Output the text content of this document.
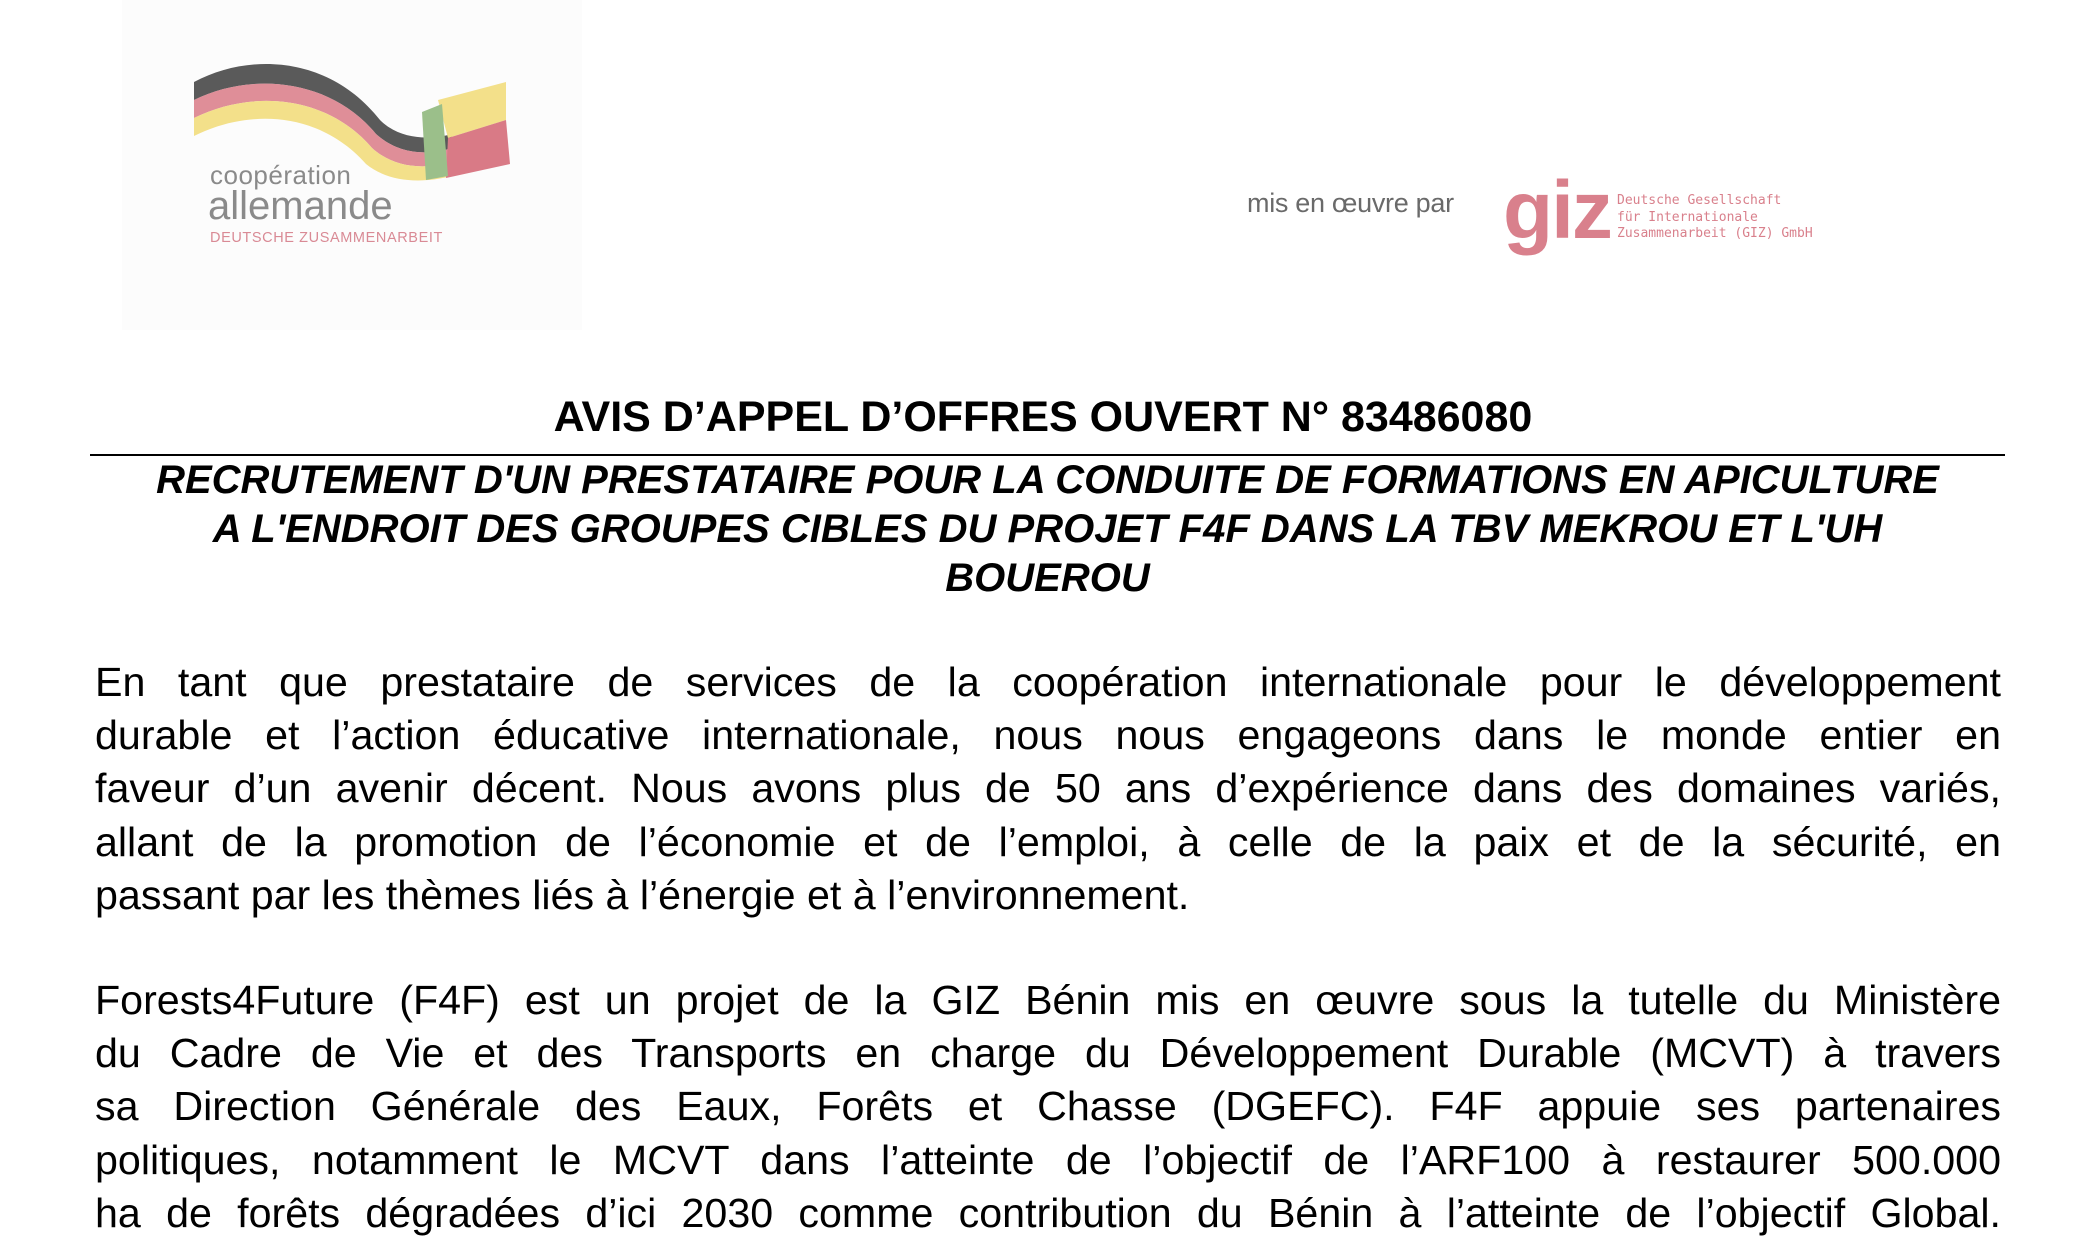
coopération
allemande
DEUTSCHE ZUSAMMENARBEIT
mis en œuvre par giz Deutsche Gesellschaft
für Internationale
Zusammenarbeit (GIZ) GmbH
AVIS D’APPEL D’OFFRES OUVERT N° 83486080
RECRUTEMENT D'UN PRESTATAIRE POUR LA CONDUITE DE FORMATIONS EN APICULTURE
A L'ENDROIT DES GROUPES CIBLES DU PROJET F4F DANS LA TBV MEKROU ET L'UH
BOUEROU
En tant que prestataire de services de la coopération internationale pour le développement
durable et l’action éducative internationale, nous nous engageons dans le monde entier en
faveur d’un avenir décent. Nous avons plus de 50 ans d’expérience dans des domaines variés,
allant de la promotion de l’économie et de l’emploi, à celle de la paix et de la sécurité, en
passant par les thèmes liés à l’énergie et à l’environnement.
Forests4Future (F4F) est un projet de la GIZ Bénin mis en œuvre sous la tutelle du Ministère
du Cadre de Vie et des Transports en charge du Développement Durable (MCVT) à travers
sa Direction Générale des Eaux, Forêts et Chasse (DGEFC). F4F appuie ses partenaires
politiques, notamment le MCVT dans l’atteinte de l’objectif de l’ARF100 à restaurer 500.000
ha de forêts dégradées d’ici 2030 comme contribution du Bénin à l’atteinte de l’objectif Global.
